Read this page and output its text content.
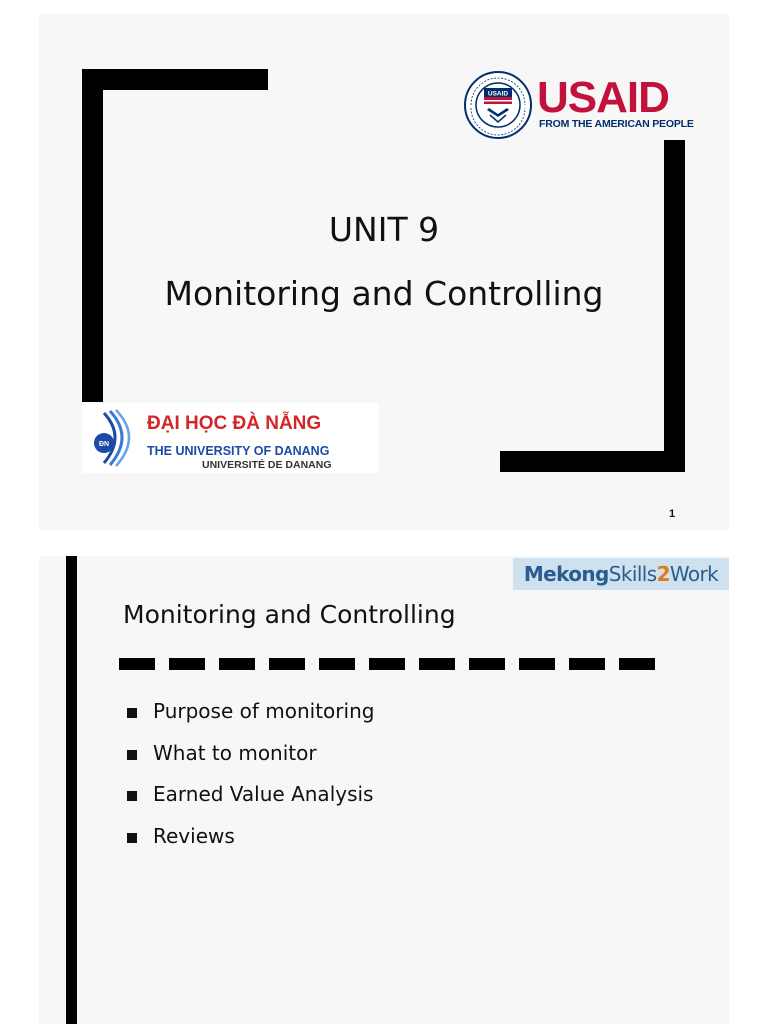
USAID USAID
FROM THE AMERICAN PEOPLE
UNIT 9
Monitoring and Controlling
ĐN
ĐẠI HỌC ĐÀ NẴNG
THE UNIVERSITY OF DANANG
UNIVERSITÉ DE DANANG
1
MekongSkills2Work
Monitoring and Controlling
Purpose of monitoring
What to monitor
Earned Value Analysis
Reviews
